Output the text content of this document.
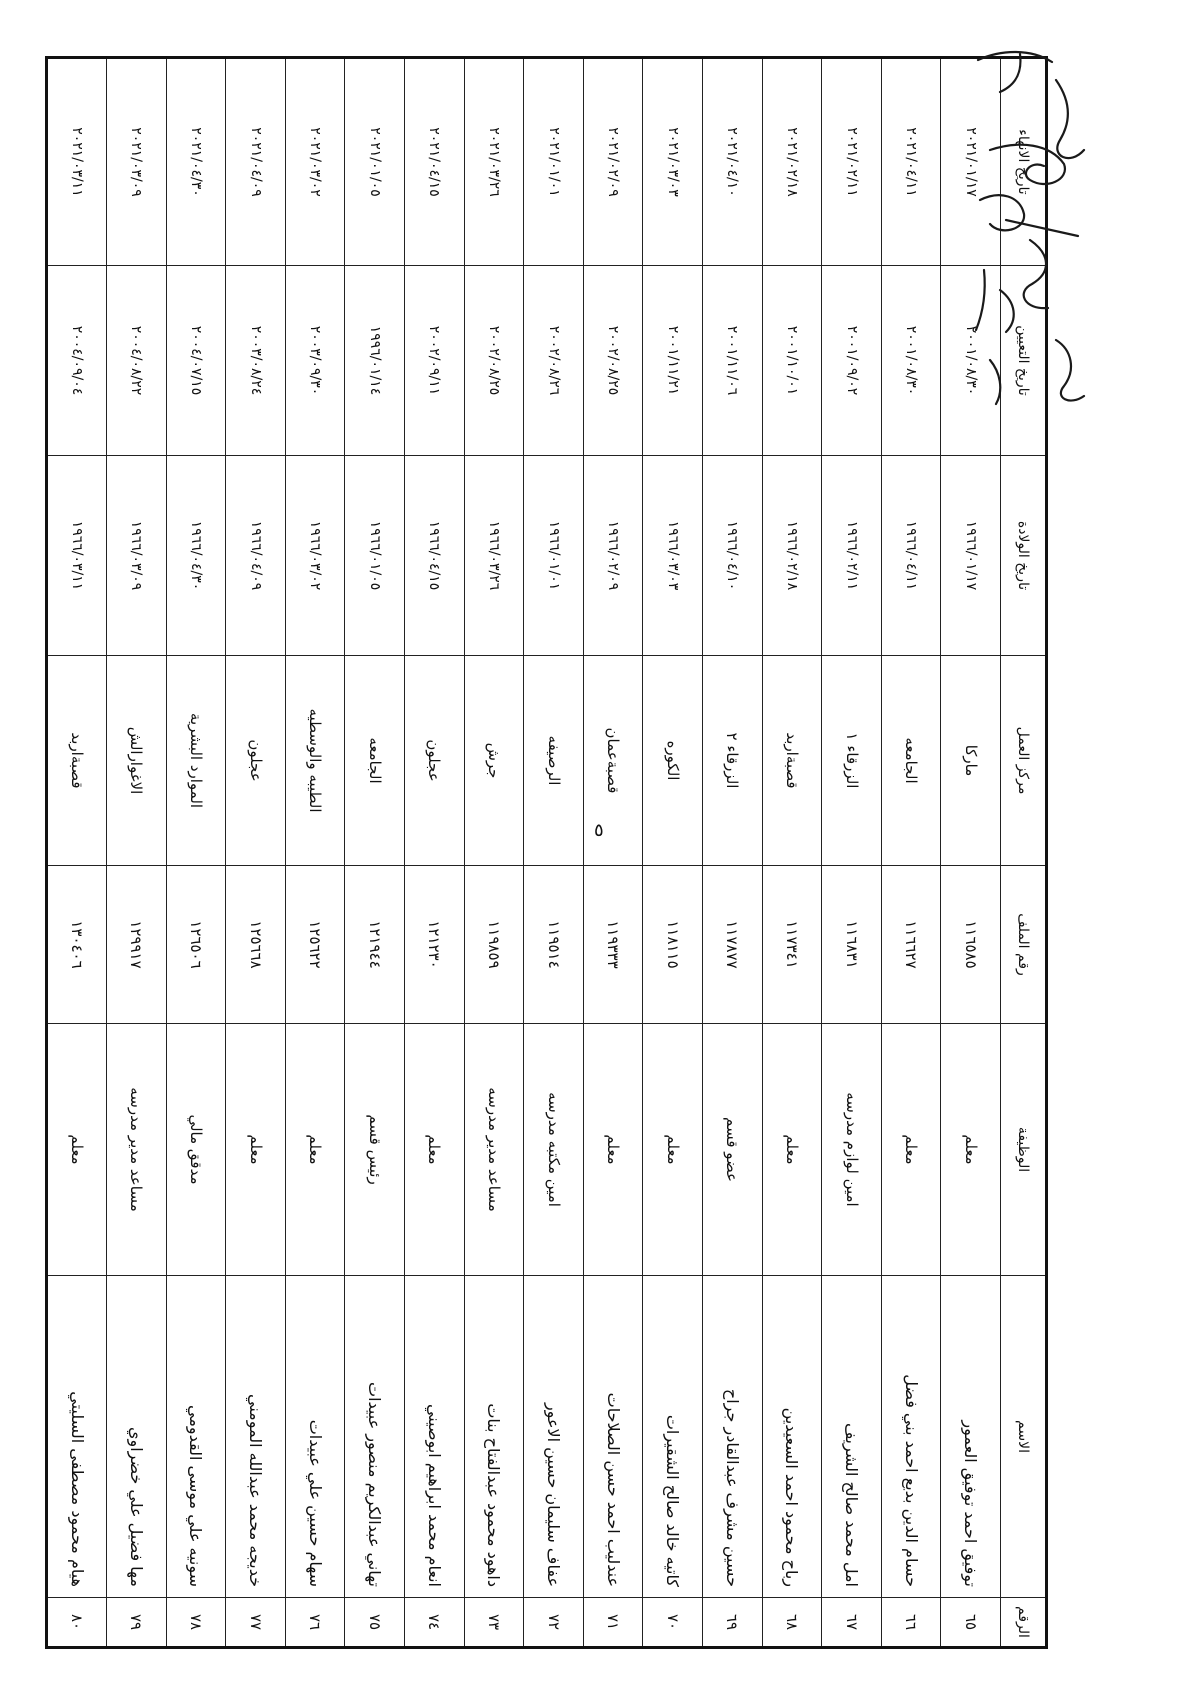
الرقم	الاسم	الوظيفة	رقم الملف	مركز العمل	تاريخ الولادة	تاريخ التعيين	تاريخ الانهاء
٦٥	توفيق احمد توفيق العمور	معلم	١١٦٥٨٥	ماركا	١٩٦٦/٠١/١٧	٢٠٠١/٠٨/٣٠	٢٠٢١/٠١/١٧
٦٦	حسام الدين بديع احمد بني فضل	معلم	١١٦٦٢٧	الجامعه	١٩٦٦/٠٤/١١	٢٠٠١/٠٨/٣٠	٢٠٢١/٠٤/١١
٦٧	امل محمد صالح الشريف	امين لوازم مدرسه	١١٦٨٣١	الزرقاء ١	١٩٦٦/٠٢/١١	٢٠٠١/٠٩/٠٢	٢٠٢١/٠٢/١١
٦٨	رباح محمود احمد السعيدين	معلم	١١٧٣٤١	قصبةاربد	١٩٦٦/٠٢/١٨	٢٠٠١/١٠/٠١	٢٠٢١/٠٢/١٨
٦٩	حسين مشرف عبدالقادر جراح	عضو قسم	١١٧٨٧٧	الزرقاء ٢	١٩٦٦/٠٤/١٠	٢٠٠١/١١/٠٦	٢٠٢١/٠٤/١٠
٧٠	كاتيه خالد صالح الشقيرات	معلم	١١٨١١٥	الكوره	١٩٦٦/٠٣/٠٣	٢٠٠١/١١/٢١	٢٠٢١/٠٣/٠٣
٧١	عندليب احمد حسن الصلاحات	معلم	١١٩٣٣٣	قصبةعمان	١٩٦٦/٠٢/٠٩	٢٠٠٢/٠٨/٢٥	٢٠٢١/٠٢/٠٩
٧٢	عفاف سليمان حسين الاعور	امين مكتبه مدرسه	١١٩٥١٤	الرصيفه	١٩٦٦/٠١/٠١	٢٠٠٢/٠٨/٢٦	٢٠٢١/٠١/٠١
٧٣	داهود محمود عبدالفتاح بنات	مساعد مدير مدرسه	١١٩٨٥٩	جرش	١٩٦٦/٠٣/٢٦	٢٠٠٢/٠٨/٢٥	٢٠٢١/٠٣/٢٦
٧٤	انعام محمد ابراهيم ابوصيني	معلم	١٢١٢٣٠	عجلون	١٩٦٦/٠٤/١٥	٢٠٠٢/٠٩/١١	٢٠٢١/٠٤/١٥
٧٥	تهاني عبدالكريم منصور عبيدات	رئيس قسم	١٢١٩٤٤	الجامعه	١٩٦٦/٠١/٠٥	١٩٩٦/٠١/١٤	٢٠٢١/٠١/٠٥
٧٦	سهام حسين علي عبيدات	معلم	١٢٥٦٢٢	الطيبه والوسطيه	١٩٦٦/٠٣/٠٢	٢٠٠٣/٠٩/٣٠	٢٠٢١/٠٣/٠٢
٧٧	خديجه محمد عبدالله المومني	معلم	١٢٥٦٦٨	عجلون	١٩٦٦/٠٤/٠٩	٢٠٠٣/٠٨/٢٤	٢٠٢١/٠٤/٠٩
٧٨	سونيه علي موسى القدومي	مدقق مالي	١٢٦٥٠٦	الموارد البشرية	١٩٦٦/٠٤/٣٠	٢٠٠٤/٠٧/١٥	٢٠٢١/٠٤/٣٠
٧٩	مها فضيل علي خضراوي	مساعد مدير مدرسه	١٢٩٩١٧	الاغوارالش	١٩٦٦/٠٣/٠٩	٢٠٠٤/٠٨/٢٢	٢٠٢١/٠٣/٠٩
٨٠	هيام محمود مصطفى السليتي	معلم	١٣٠٤٠٦	قصبةاربد	١٩٦٦/٠٣/١١	٢٠٠٤/٠٩/٠٤	٢٠٢١/٠٣/١١
٥
